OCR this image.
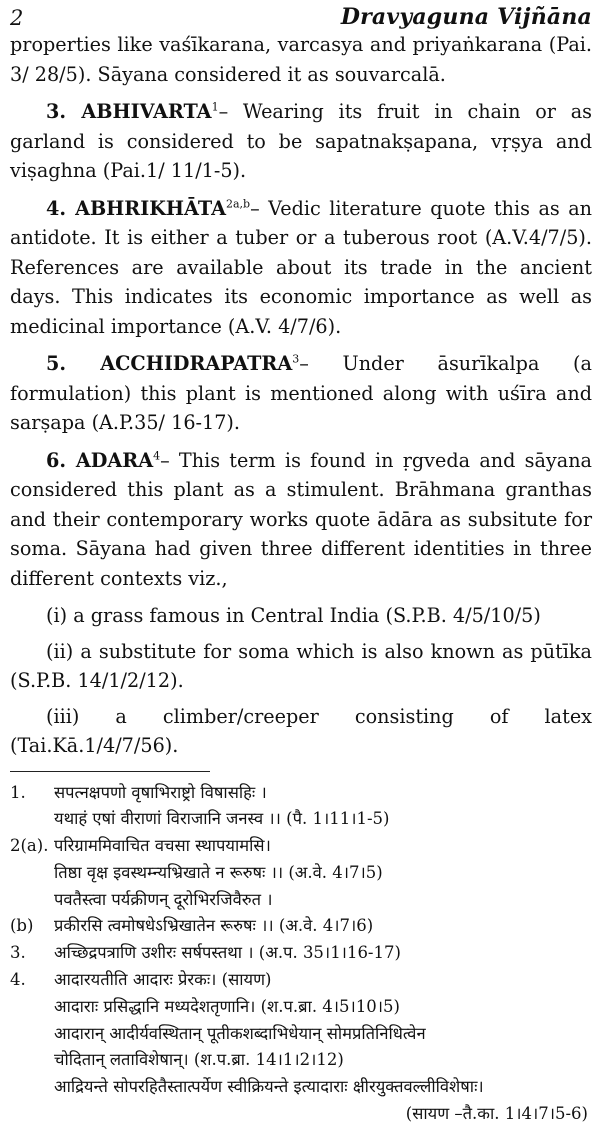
2	Dravyaguna Vijñāna

properties like vaśīkarana, varcasya and priyaṅkarana (Pai. 3/ 28/5). Sāyana considered it as souvarcalā.

3. ABHIVARTA$^1$– Wearing its fruit in chain or as garland is considered to be sapatnakṣapana, vṛṣya and viṣaghna (Pai.1/ 11/1-5).

4. $ABHRIKHĀTA^{2a,b}-$ Vedic literature quote this as an antidote. It is either a tuber or a tuberous root (A.V.4/7/5). References are available about its trade in the ancient days. This indicates its economic importance as well as medicinal importance (A.V. 4/7/6).

5. ACCHIDRAPATRA$^3$– Under āsurīkalpa (a formulation) this plant is mentioned along with uśīra and sarṣapa (A.P.35/ 16-17).

6. ADARA$^4$– This term is found in ṛgveda and sāyana considered this plant as a stimulent. Brāhmana granthas and their contemporary works quote ādāra as subsitute for soma. Sāyana had given three different identities in three different contexts viz.,

(i) a grass famous in Central India (S.P.B. 4/5/10/5)

(ii) a substitute for soma which is also known as pūtīka (S.P.B. 14/1/2/12).

(iii) a climber/creeper consisting of latex (Tai.Kā.1/4/7/56).

1.	सपत्नक्षपणो वृषाभिराष्ट्रो विषासहिः ।
यथाहं एषां वीराणां विराजानि जनस्व ।। (पै. 1।11।1-5)
2(a). परिग्राममिवाचित वचसा स्थापयामसि।
तिष्ठा वृक्ष इवस्थम्न्यभ्रिखाते न रूरुषः ।। (अ.वे. 4।7।5)
पवतैस्त्वा पर्यक्रीणन् दूरोभिरजिवैरुत ।
(b)	प्रकीरसि त्वमोषधेऽभ्रिखातेन रूरुषः ।। (अ.वे. 4।7।6)
3.	अच्छिद्रपत्राणि उशीरः सर्षपस्तथा । (अ.प. 35।1।16-17)
4.	आदारयतीति आदारः प्रेरकः। (सायण)
आदाराः प्रसिद्धानि मध्यदेशतृणानि। (श.प.ब्रा. 4।5।10।5)
आदारान् आदीर्यवस्थितान् पूतीकशब्दाभिधेयान् सोमप्रतिनिधित्वेन
चोदितान् लताविशेषान्। (श.प.ब्रा. 14।1।2।12)
आद्रियन्ते सोपरहितैस्तात्पर्येण स्वीक्रियन्ते इत्यादाराः क्षीरयुक्तवल्लीविशेषाः।
(सायण –तै.का. 1।4।7।5-6)
